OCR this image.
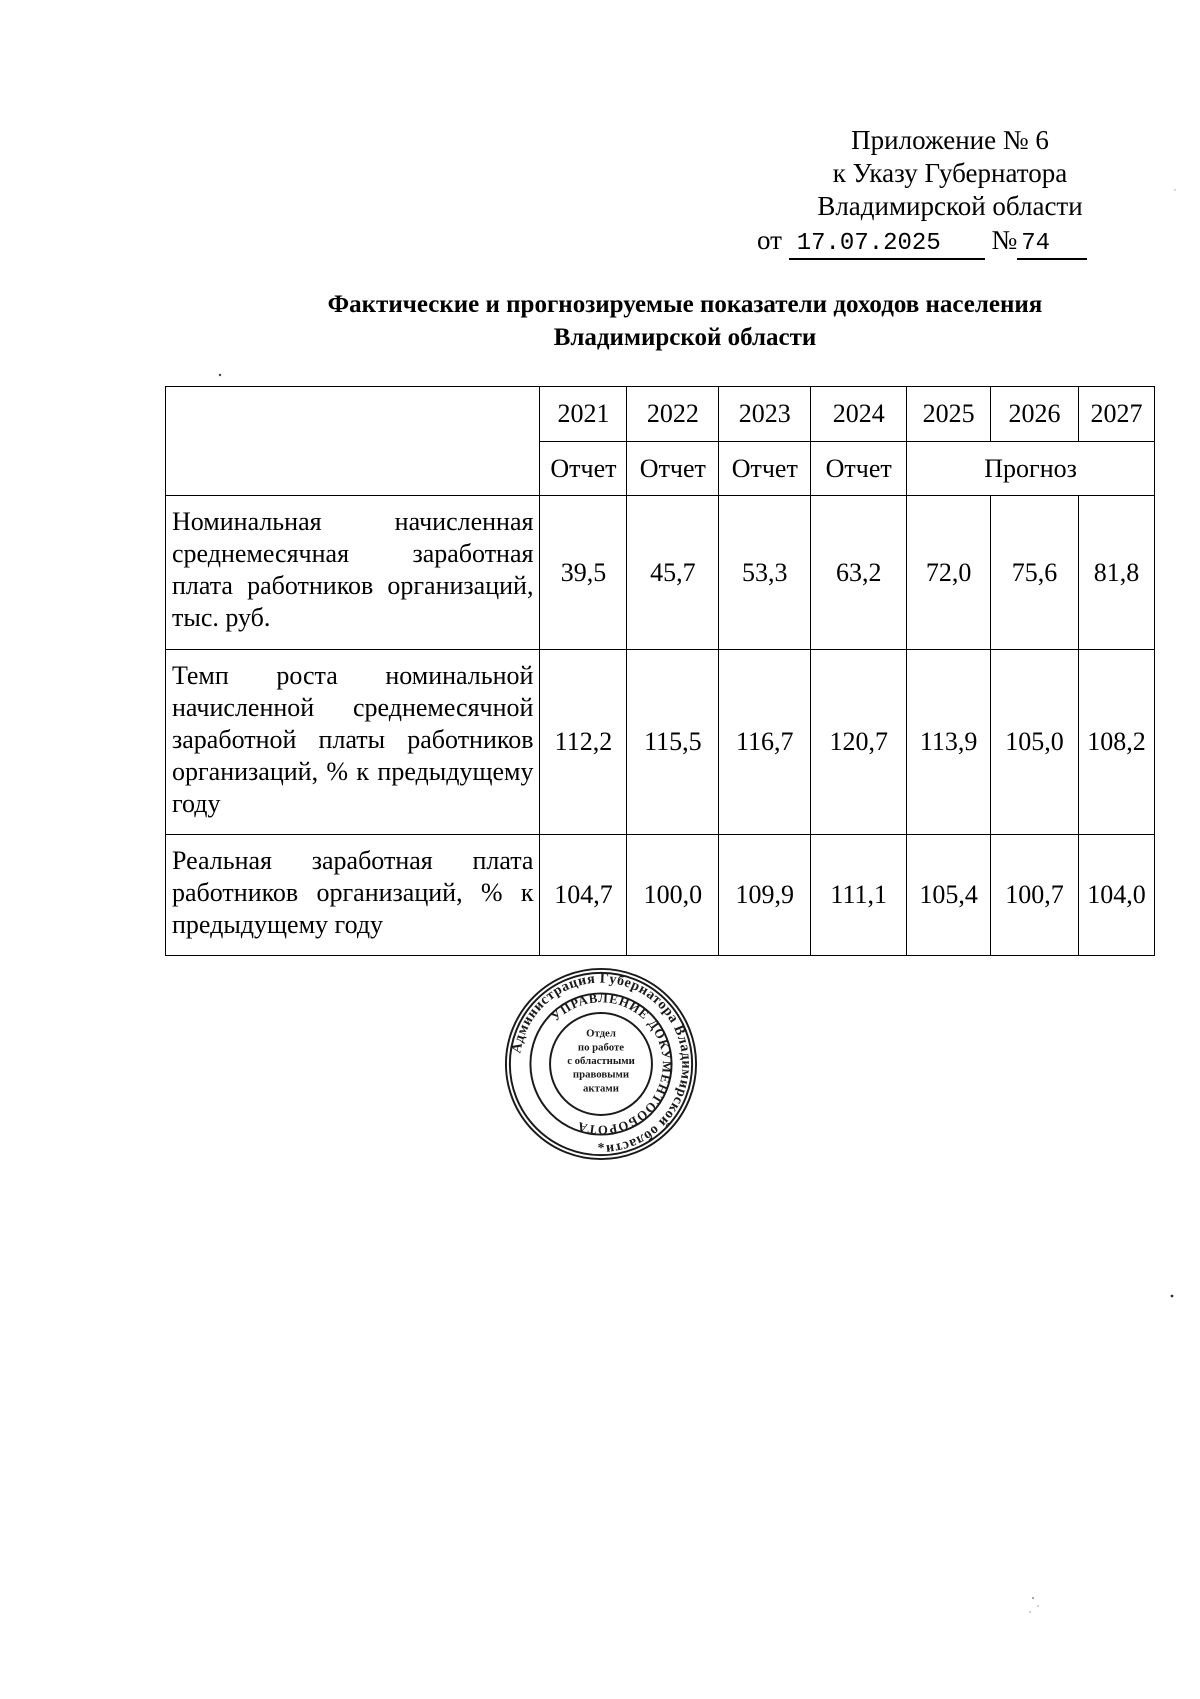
Приложение № 6
к Указу Губернатора
Владимирской области
от 17.07.2025 № 74
Фактические и прогнозируемые показатели доходов населения
Владимирской области
	2021	2022	2023	2024	2025	2026	2027
	Отчет	Отчет	Отчет	Отчет	Прогноз		
Номинальная начисленная среднемесячная заработная плата работников организаций, тыс. руб.	39,5	45,7	53,3	63,2	72,0	75,6	81,8
Темп роста номинальной начисленной среднемесячной заработной платы работников организаций, % к предыдущему году	112,2	115,5	116,7	120,7	113,9	105,0	108,2
Реальная заработная плата работников организаций, % к предыдущему году	104,7	100,0	109,9	111,1	105,4	100,7	104,0
Администрация Губернатора Владимирской области
УПРАВЛЕНИЕ ДОКУМЕНТООБОРОТА
Отдел
по работе
с областными
правовыми
актами
*
